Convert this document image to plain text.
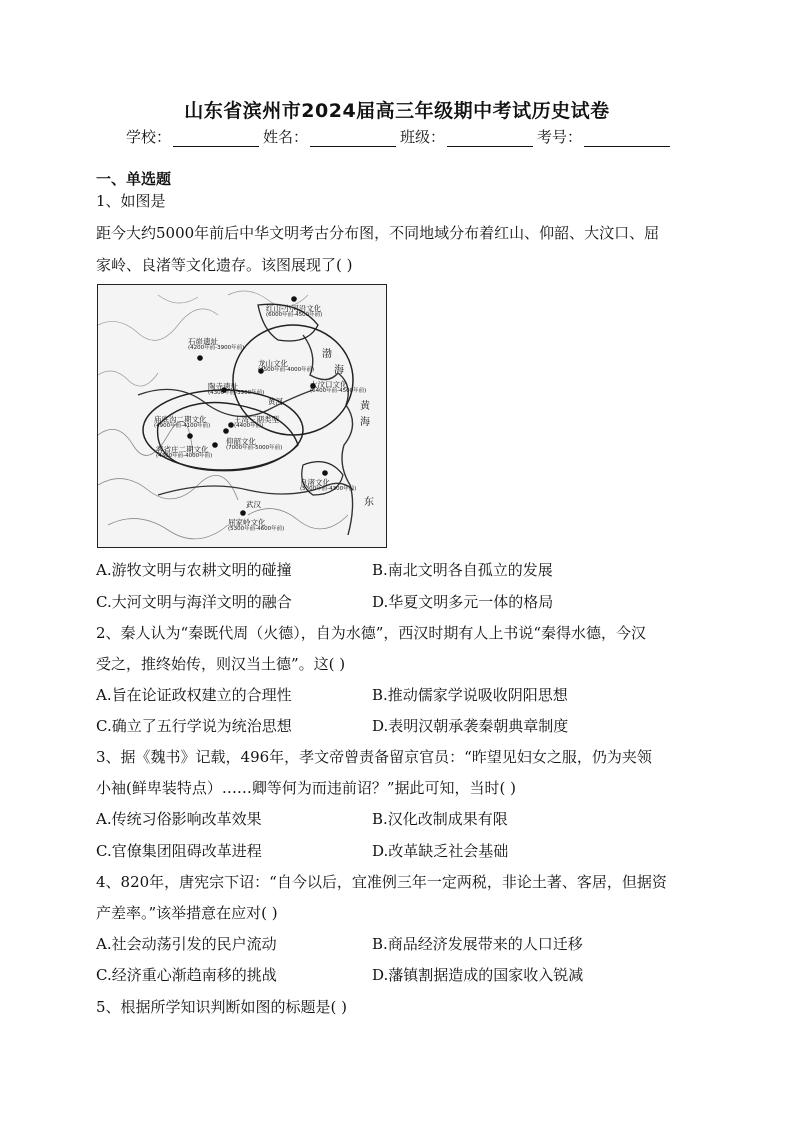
山东省滨州市2024届高三年级期中考试历史试卷
学校：	姓名：	班级：	考号：
一、单选题
1、如图是
距今大约5000年前后中华文明考古分布图，不同地域分布着红山、仰韶、大汶口、屈
家岭、良渚等文化遗存。该图展现了( )
红山-小河沿文化
(6000年前-4500年前)
石峁遗址
(4200年前-3900年前)
龙山文化
(4500年前-4000年前)
陶寺遗址
(4300年前-3900年前)
大汶口文化
(6400年前-4500年前)
庙底沟二期文化
(4900年前-4100年前)
王湾三期类型
(4400年前)
仰韶文化
(7000年前-5000年前)
客省庄二期文化
(4300年前-4000年前)
良渚文化
(5300年前-4300年前)
屈家岭文化
(5300年前-4600年前)
武汉
黄河
渤
海
黄
海
东
A.游牧文明与农耕文明的碰撞	B.南北文明各自孤立的发展
C.大河文明与海洋文明的融合	D.华夏文明多元一体的格局
2、秦人认为“秦既代周（火德），自为水德”，西汉时期有人上书说“秦得水德，今汉
受之，推终始传，则汉当土德”。这( )
A.旨在论证政权建立的合理性	B.推动儒家学说吸收阴阳思想
C.确立了五行学说为统治思想	D.表明汉朝承袭秦朝典章制度
3、据《魏书》记载，496年，孝文帝曾责备留京官员：“昨望见妇女之服，仍为夹领
小袖(鲜卑装特点）……卿等何为而违前诏？”据此可知，当时( )
A.传统习俗影响改革效果	B.汉化改制成果有限
C.官僚集团阻碍改革进程	D.改革缺乏社会基础
4、820年，唐宪宗下诏：“自今以后，宜准例三年一定两税，非论土著、客居，但据资
产差率。”该举措意在应对( )
A.社会动荡引发的民户流动	B.商品经济发展带来的人口迁移
C.经济重心渐趋南移的挑战	D.藩镇割据造成的国家收入锐减
5、根据所学知识判断如图的标题是( )
